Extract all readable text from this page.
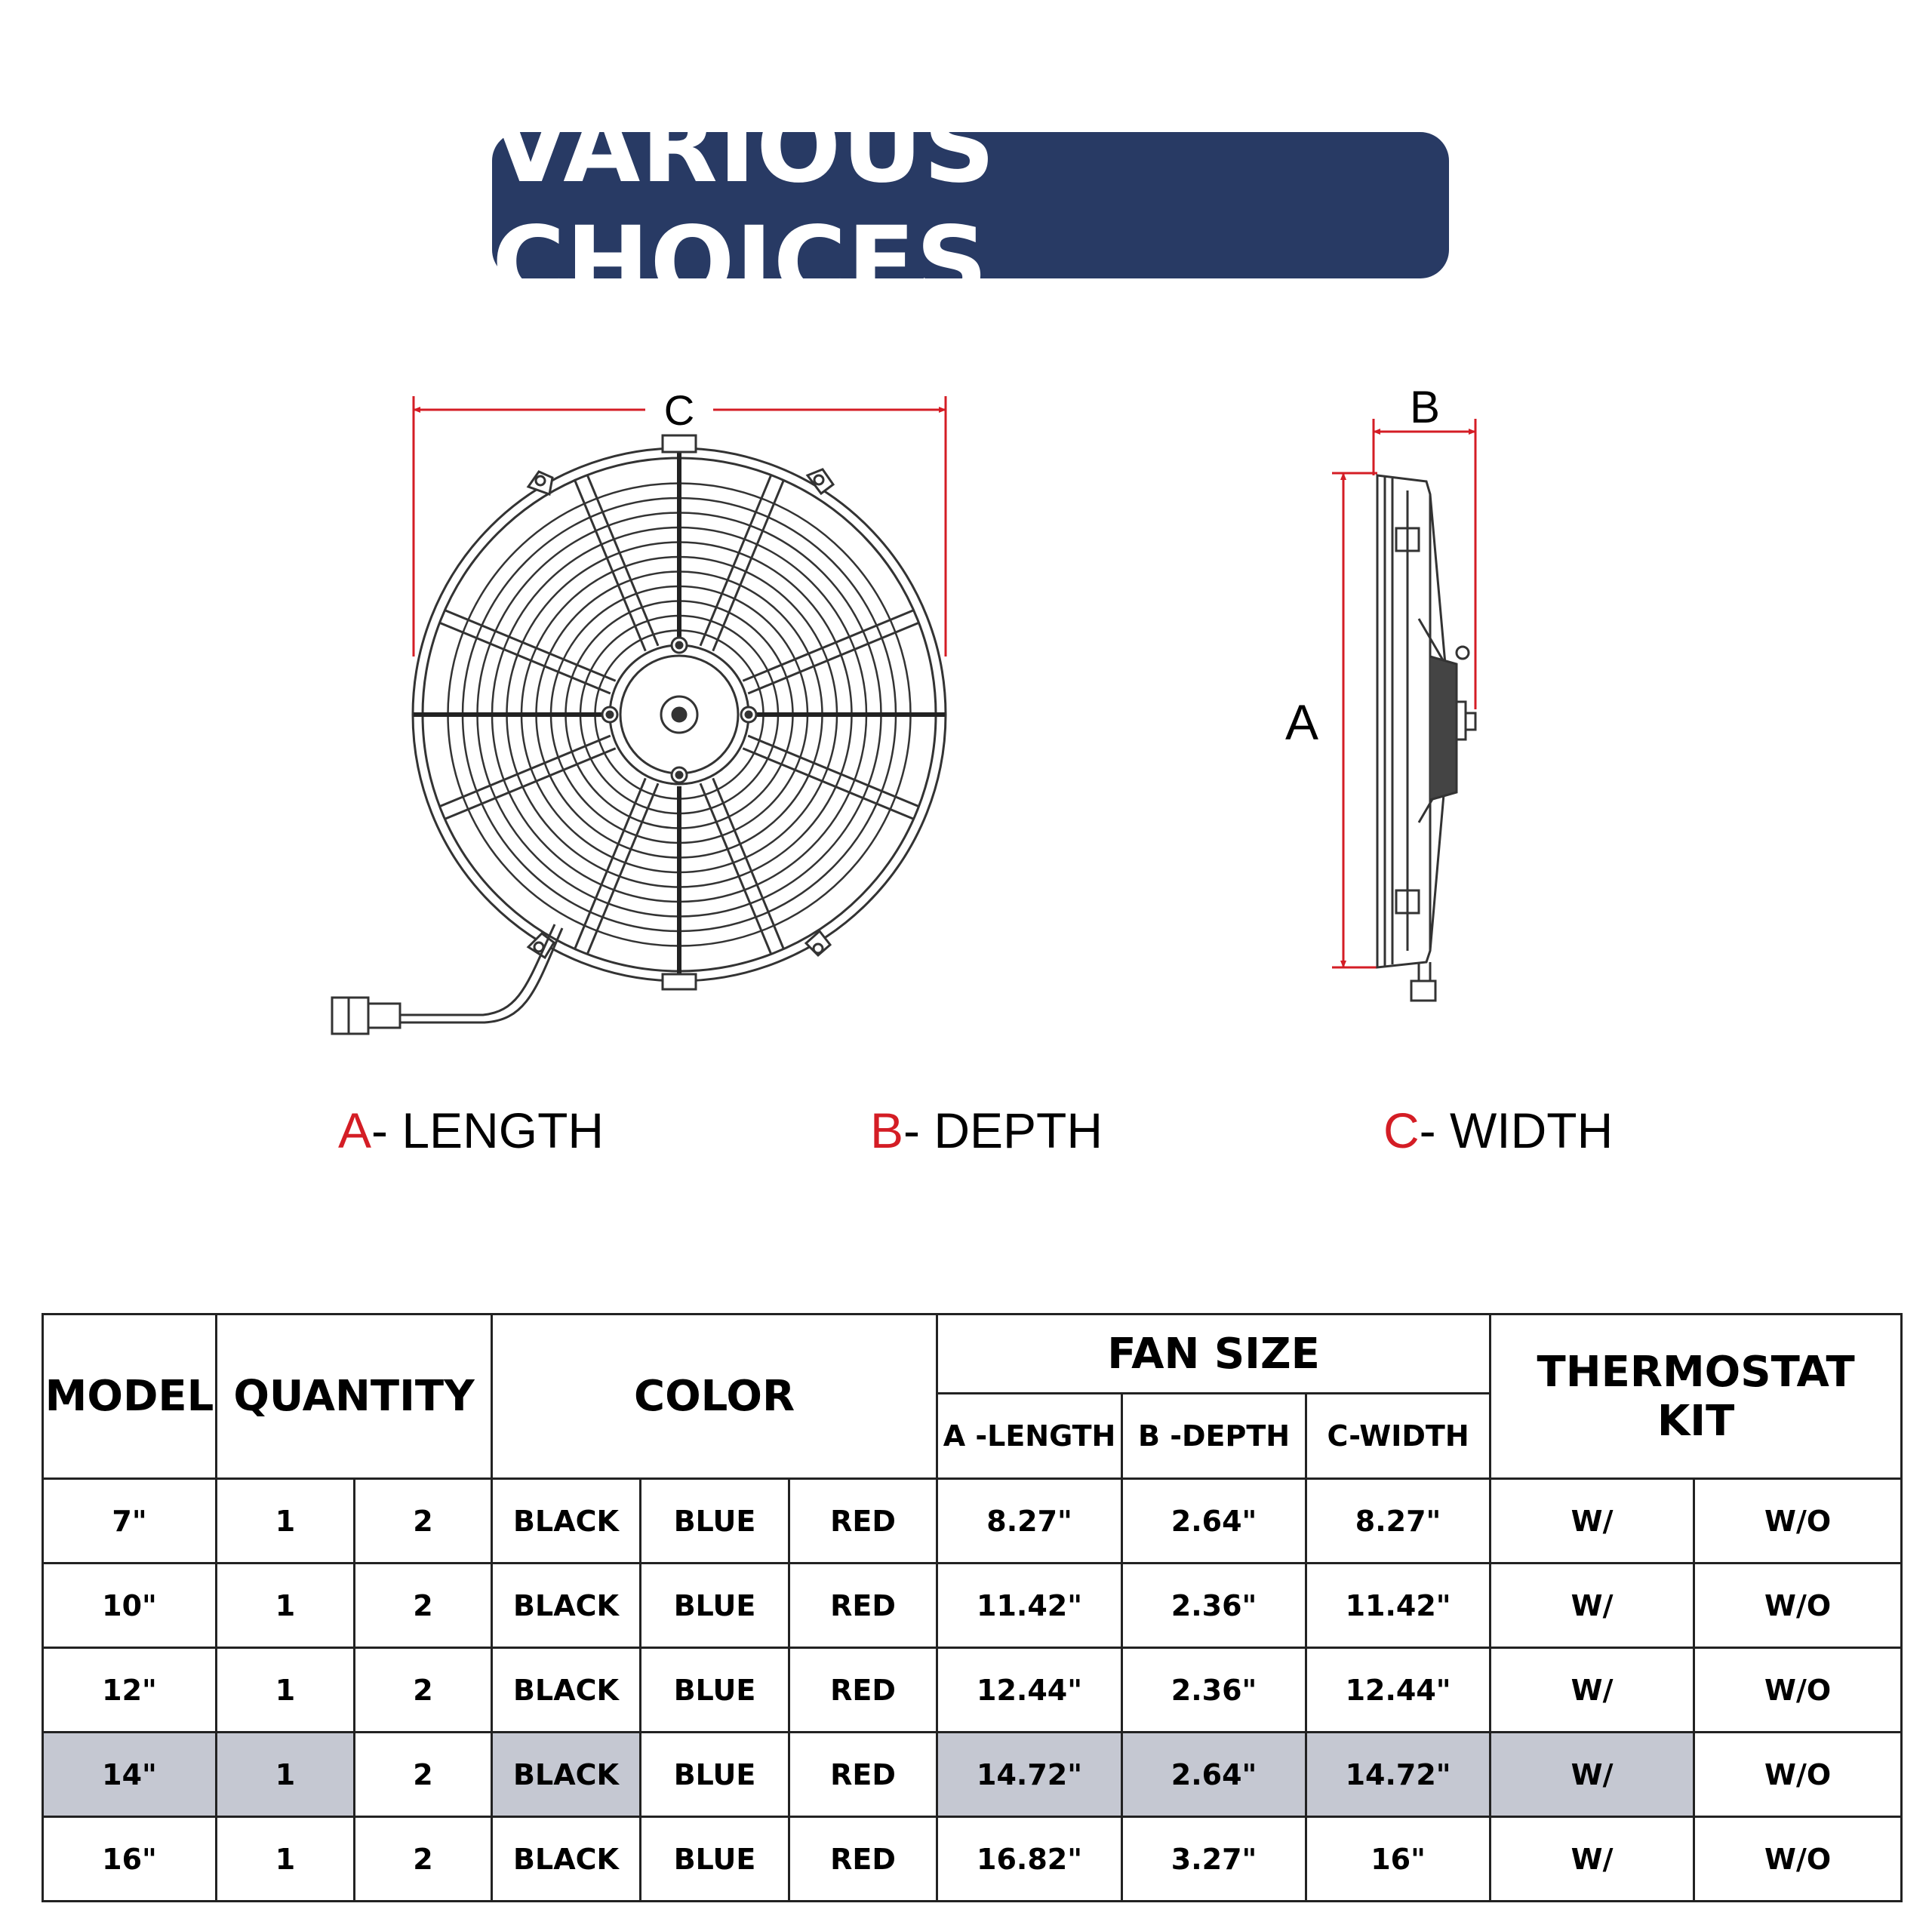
VARIOUS CHOICES
C	B
A
A- LENGTH	B- DEPTH	C- WIDTH
MODEL	QUANTITY		COLOR			FAN SIZE			THERMOSTAT KIT	
						A -LENGTH	B -DEPTH	C-WIDTH		
7"	1	2	BLACK	BLUE	RED	8.27"	2.64"	8.27"	W/	W/O
10"	1	2	BLACK	BLUE	RED	11.42"	2.36"	11.42"	W/	W/O
12"	1	2	BLACK	BLUE	RED	12.44"	2.36"	12.44"	W/	W/O
14"	1	2	BLACK	BLUE	RED	14.72"	2.64"	14.72"	W/	W/O
16"	1	2	BLACK	BLUE	RED	16.82"	3.27"	16"	W/	W/O
